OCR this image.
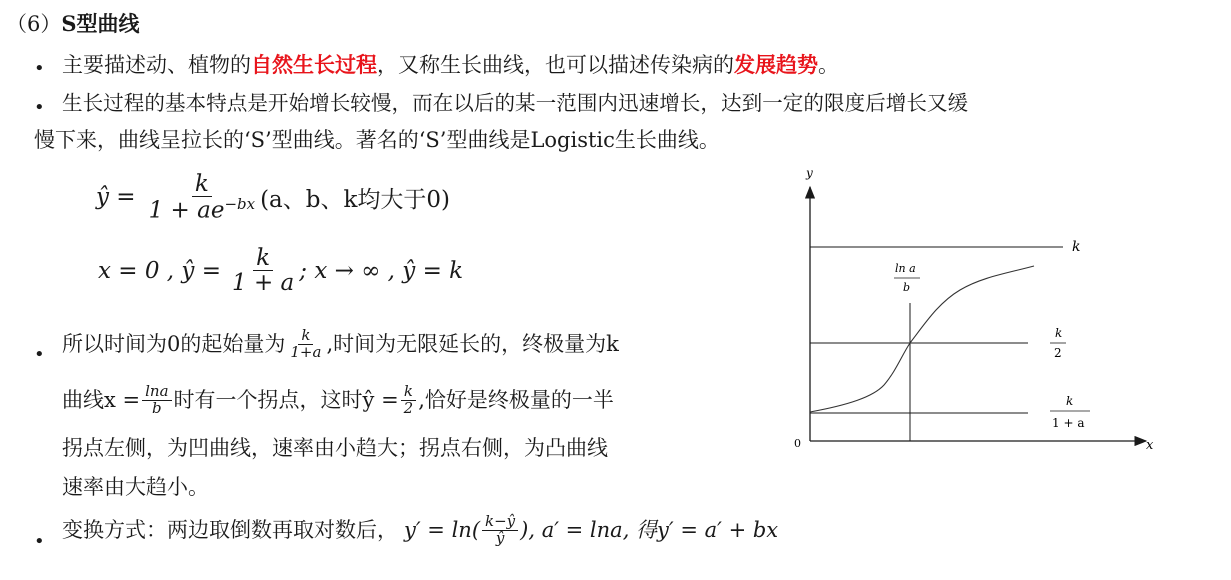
（6）S型曲线
• 主要描述动、植物的自然生长过程，又称生长曲线，也可以描述传染病的发展趋势。
• 生长过程的基本特点是开始增长较慢，而在以后的某一范围内迅速增长，达到一定的限度后增长又缓
慢下来，曲线呈拉长的‘S’型曲线。著名的‘S’型曲线是Logistic生长曲线。
ŷ = $\frac{k}{1 + ae^{-bx}} (a$、b、k均大于0)
x = 0 , ŷ = $\frac{k}{1 + a}$ ; x → ∞ , ŷ = k
• 所以时间为0的起始量为 $\frac{k}{1+a}$ ,时间为无限延长的，终极量为k
曲线$x = \frac{\ln a}{b}$ 时有一个拐点，这时ŷ = $\frac{k}{2}$ ,恰好是终极量的一半
拐点左侧，为凹曲线，速率由小趋大；拐点右侧，为凸曲线
速率由大趋小。
• 变换方式：两边取倒数再取对数后， $y' = \ln( \frac{k-ŷ}{ŷ}$ ), a′ = lna, 得y′ = a′ + bx
y
x
0
k
ln a
b
k
2
k
1 + a
